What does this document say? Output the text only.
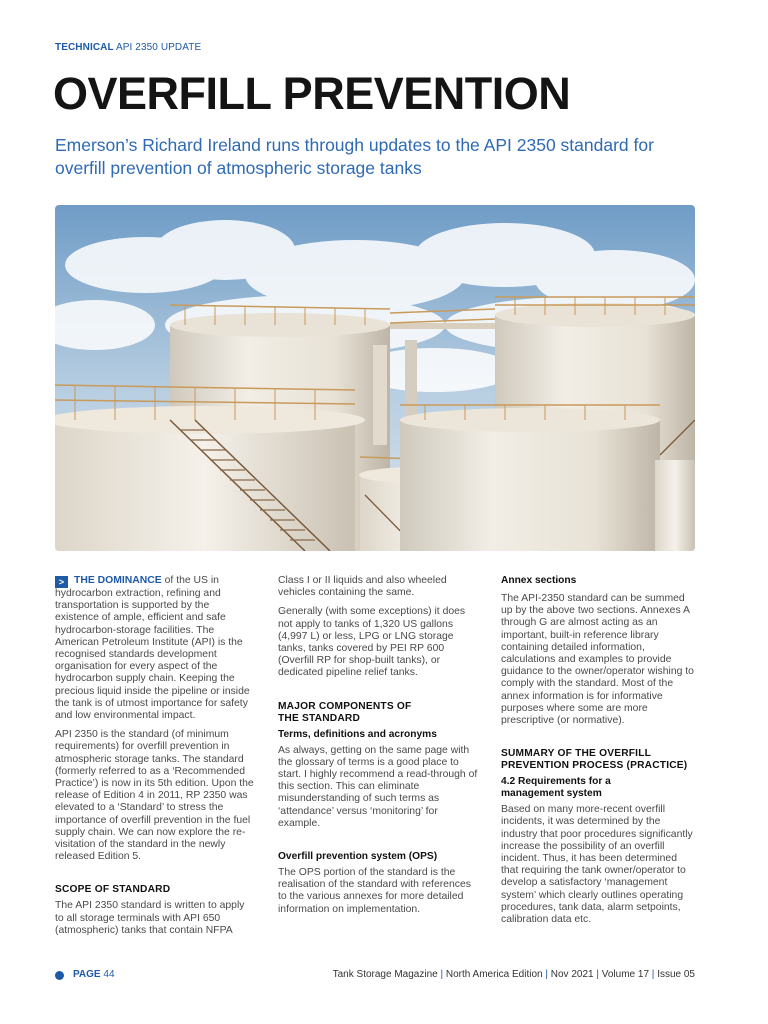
TECHNICAL API 2350 UPDATE
OVERFILL PREVENTION

Emerson’s Richard Ireland runs through updates to the API 2350 standard for overfill prevention of atmospheric storage tanks

> THE DOMINANCE of the US in hydrocarbon extraction, refining and transportation is supported by the existence of ample, efficient and safe hydrocarbon-storage facilities. The American Petroleum Institute (API) is the recognised standards development organisation for every aspect of the hydrocarbon supply chain. Keeping the precious liquid inside the pipeline or inside the tank is of utmost importance for safety and low environmental impact.

API 2350 is the standard (of minimum requirements) for overfill prevention in atmospheric storage tanks. The standard (formerly referred to as a ‘Recommended Practice’) is now in its 5th edition. Upon the release of Edition 4 in 2011, RP 2350 was elevated to a ‘Standard’ to stress the importance of overfill prevention in the fuel supply chain. We can now explore the re-visitation of the standard in the newly released Edition 5.

SCOPE OF STANDARD

The API 2350 standard is written to apply to all storage terminals with API 650 (atmospheric) tanks that contain NFPA

Class I or II liquids and also wheeled vehicles containing the same.

Generally (with some exceptions) it does not apply to tanks of 1,320 US gallons (4,997 L) or less, LPG or LNG storage tanks, tanks covered by PEI RP 600 (Overfill RP for shop-built tanks), or dedicated pipeline relief tanks.

MAJOR COMPONENTS OF THE STANDARD
Terms, definitions and acronyms

As always, getting on the same page with the glossary of terms is a good place to start. I highly recommend a read-through of this section. This can eliminate misunderstanding of such terms as ‘attendance’ versus ‘monitoring’ for example.

Overfill prevention system (OPS)

The OPS portion of the standard is the realisation of the standard with references to the various annexes for more detailed information on implementation.

Annex sections

The API-2350 standard can be summed up by the above two sections. Annexes A through G are almost acting as an important, built-in reference library containing detailed information, calculations and examples to provide guidance to the owner/operator wishing to comply with the standard. Most of the annex information is for informative purposes where some are more prescriptive (or normative).

SUMMARY OF THE OVERFILL PREVENTION PROCESS (PRACTICE)
4.2 Requirements for a management system

Based on many more-recent overfill incidents, it was determined by the industry that poor procedures significantly increase the possibility of an overfill incident. Thus, it has been determined that requiring the tank owner/operator to develop a satisfactory ‘management system’ which clearly outlines operating procedures, tank data, alarm setpoints, calibration data etc.

PAGE 44	Tank Storage Magazine | North America Edition | Nov 2021 | Volume 17 | Issue 05
